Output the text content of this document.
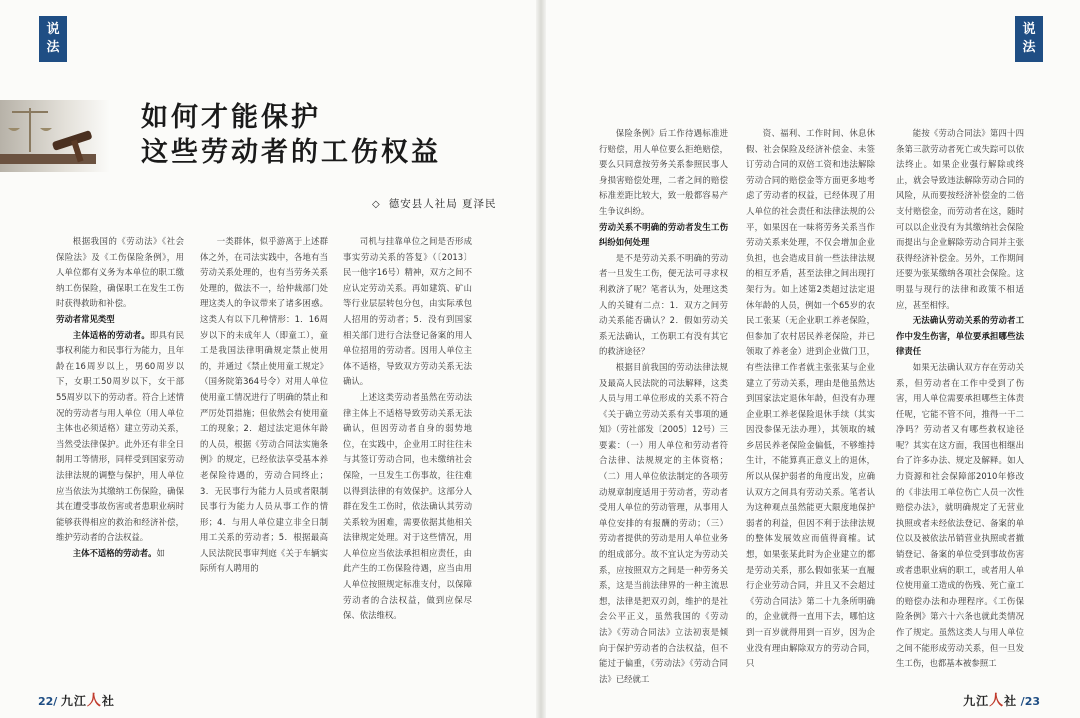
说
法
说
法
如何才能保护
这些劳动者的工伤权益
◇ 德安县人社局 夏泽民

根据我国的《劳动法》《社会保险法》及《工伤保险条例》，用人单位都有义务为本单位的职工缴纳工伤保险，确保职工在发生工伤时获得救助和补偿。

劳动者常见类型

主体适格的劳动者。即具有民事权利能力和民事行为能力，且年龄在16周岁以上，男60周岁以下，女职工50周岁以下，女干部55周岁以下的劳动者。符合上述情况的劳动者与用人单位（用人单位主体也必须适格）建立劳动关系，当然受法律保护。此外还有非全日制用工等情形，同样受到国家劳动法律法规的调整与保护，用人单位应当依法为其缴纳工伤保险，确保其在遭受事故伤害或者患职业病时能够获得相应的救治和经济补偿，维护劳动者的合法权益。

主体不适格的劳动者。如

一类群体，似乎游离于上述群体之外，在司法实践中，各地有当劳动关系处理的，也有当劳务关系处理的，做法不一，给仲裁部门处理这类人的争议带来了诸多困惑。这类人有以下几种情形：1．16周岁以下的未成年人（即童工），童工是我国法律明确规定禁止使用的，并通过《禁止使用童工规定》（国务院第364号令）对用人单位使用童工情况进行了明确的禁止和严厉处罚措施；但依然会有使用童工的现象；2．超过法定退休年龄的人员，根据《劳动合同法实施条例》的规定，已经依法享受基本养老保险待遇的，劳动合同终止；3．无民事行为能力人员或者限制民事行为能力人员从事工作的情形；4．与用人单位建立非全日制用工关系的劳动者；5．根据最高人民法院民事审判庭《关于车辆实际所有人聘用的

司机与挂靠单位之间是否形成事实劳动关系的答复》（〔2013〕民一他字16号）精神，双方之间不应认定劳动关系。再如建筑、矿山等行业层层转包分包，由实际承包人招用的劳动者；5．没有到国家相关部门进行合法登记备案的用人单位招用的劳动者。因用人单位主体不适格，导致双方劳动关系无法确认。

上述这类劳动者虽然在劳动法律主体上不适格导致劳动关系无法确认，但因劳动者自身的弱势地位，在实践中，企业用工时往往未与其签订劳动合同，也未缴纳社会保险，一旦发生工伤事故，往往难以得到法律的有效保护。这部分人群在发生工伤时，依法确认其劳动关系较为困难，需要依据其他相关法律规定处理。对于这些情况，用人单位应当依法承担相应责任，由此产生的工伤保险待遇，应当由用人单位按照规定标准支付，以保障劳动者的合法权益，做到应保尽保、依法维权。

保险条例》后工作待遇标准进行赔偿，用人单位要么拒绝赔偿，要么只同意按劳务关系参照民事人身损害赔偿处理，二者之间的赔偿标准差距比较大，致一般都容易产生争议纠纷。

劳动关系不明确的劳动者发生工伤纠纷如何处理

是不是劳动关系不明确的劳动者一旦发生工伤，便无法可寻求权利救济了呢？笔者认为，处理这类人的关键有二点：1．双方之间劳动关系能否确认？2．假如劳动关系无法确认，工伤职工有没有其它的救济途径？

根据目前我国的劳动法律法规及最高人民法院的司法解释，这类人员与用工单位形成的关系不符合《关于确立劳动关系有关事项的通知》（劳社部发〔2005〕12号）三要素：（一）用人单位和劳动者符合法律、法规规定的主体资格；（二）用人单位依法制定的各项劳动规章制度适用于劳动者，劳动者受用人单位的劳动管理，从事用人单位安排的有报酬的劳动；（三）劳动者提供的劳动是用人单位业务的组成部分。故不宜认定为劳动关系，应按照双方之间是一种劳务关系，这是当前法律界的一种主流思想，法律是把双刃剑，维护的是社会公平正义，虽然我国的《劳动法》《劳动合同法》立法初衷是倾向于保护劳动者的合法权益，但不能过于偏重，《劳动法》《劳动合同法》已经就工

资、福利、工作时间、休息休假、社会保险及经济补偿金、未签订劳动合同的双倍工资和违法解除劳动合同的赔偿金等方面更多地考虑了劳动者的权益，已经体现了用人单位的社会责任和法律法规的公平，如果因在一味将劳务关系当作劳动关系来处理，不仅会增加企业负担，也会造成目前一些法律法规的相互矛盾，甚至法律之间出现打架行为。如上述第2类超过法定退休年龄的人员，例如一个65岁的农民工张某（无企业职工养老保险，但参加了农村居民养老保险，并已领取了养老金）进到企业做门卫，有些法律工作者就主张张某与企业建立了劳动关系，理由是他虽然达到国家法定退休年龄，但没有办理企业职工养老保险退休手续（其实因没参保无法办理），其领取的城乡居民养老保险金偏低，不够维持生计，不能算真正意义上的退休，所以从保护弱者的角度出发，应确认双方之间具有劳动关系。笔者认为这种观点虽然能更大限度地保护弱者的利益，但因不利于法律法规的整体发展效应而值得商榷。试想，如果张某此时为企业建立的都是劳动关系，那么假如张某一直履行企业劳动合同，并且又不会超过《劳动合同法》第二十九条所明确的，企业就得一直用下去，哪怕这到一百岁就得用到一百岁，因为企业没有理由解除双方的劳动合同，只

能按《劳动合同法》第四十四条第三款劳动者死亡或失踪可以依法终止。如果企业强行解除或终止，就会导致违法解除劳动合同的风险，从而要按经济补偿金的二倍支付赔偿金，而劳动者在这，随时可以以企业没有为其缴纳社会保险而提出与企业解除劳动合同并主张获得经济补偿金。另外，工作期间还要为张某缴纳各项社会保险。这明显与现行的法律和政策不相适应，甚至相悖。

无法确认劳动关系的劳动者工作中发生伤害，单位要承担哪些法律责任

如果无法确认双方存在劳动关系，但劳动者在工作中受到了伤害，用人单位需要承担哪些主体责任呢，它能不管不问，推得一干二净吗？劳动者又有哪些救权途径呢？其实在这方面，我国也相继出台了许多办法、规定及解释。如人力资源和社会保障部2010年修改的《非法用工单位伤亡人员一次性赔偿办法》，就明确规定了无营业执照或者未经依法登记、备案的单位以及被依法吊销营业执照或者撤销登记、备案的单位受到事故伤害或者患职业病的职工，或者用人单位使用童工造成的伤残、死亡童工的赔偿办法和办理程序。《工伤保险条例》第六十六条也就此类情况作了规定。虽然这类人与用人单位之间不能形成劳动关系，但一旦发生工伤，也都基本被参照工

22/ 九江人社	九江人社 /23
